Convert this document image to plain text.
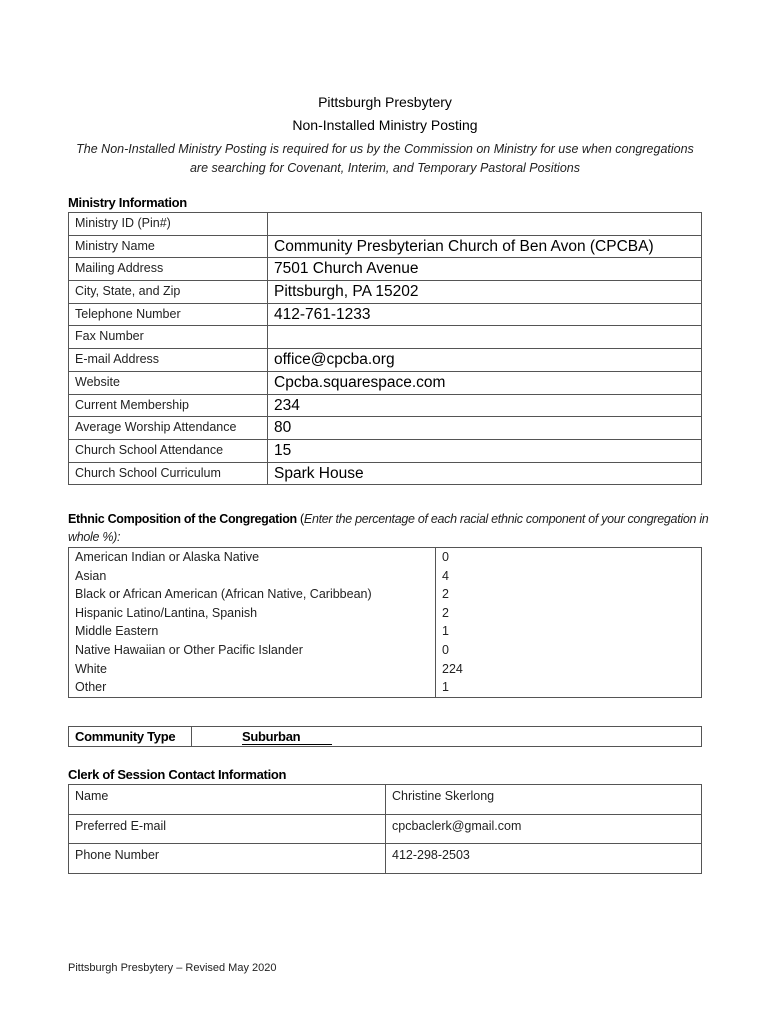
Pittsburgh Presbytery
Non-Installed Ministry Posting
The Non-Installed Ministry Posting is required for us by the Commission on Ministry for use when congregations are searching for Covenant, Interim, and Temporary Pastoral Positions
Ministry Information
Ministry ID (Pin#)	
Ministry Name	Community Presbyterian Church of Ben Avon (CPCBA)
Mailing Address	7501 Church Avenue
City, State, and Zip	Pittsburgh, PA 15202
Telephone Number	412-761-1233
Fax Number	
E-mail Address	office@cpcba.org
Website	Cpcba.squarespace.com
Current Membership	234
Average Worship Attendance	80
Church School Attendance	15
Church School Curriculum	Spark House
Ethnic Composition of the Congregation (Enter the percentage of each racial ethnic component of your congregation in whole %):
American Indian or Alaska Native	0
Asian	4
Black or African American (African Native, Caribbean)	2
Hispanic Latino/Lantina, Spanish	2
Middle Eastern	1
Native Hawaiian or Other Pacific Islander	0
White	224
Other	1
Community Type	Suburban
Clerk of Session Contact Information
Name	Christine Skerlong
Preferred E-mail	cpcbaclerk@gmail.com
Phone Number	412-298-2503
Pittsburgh Presbytery – Revised May 2020
